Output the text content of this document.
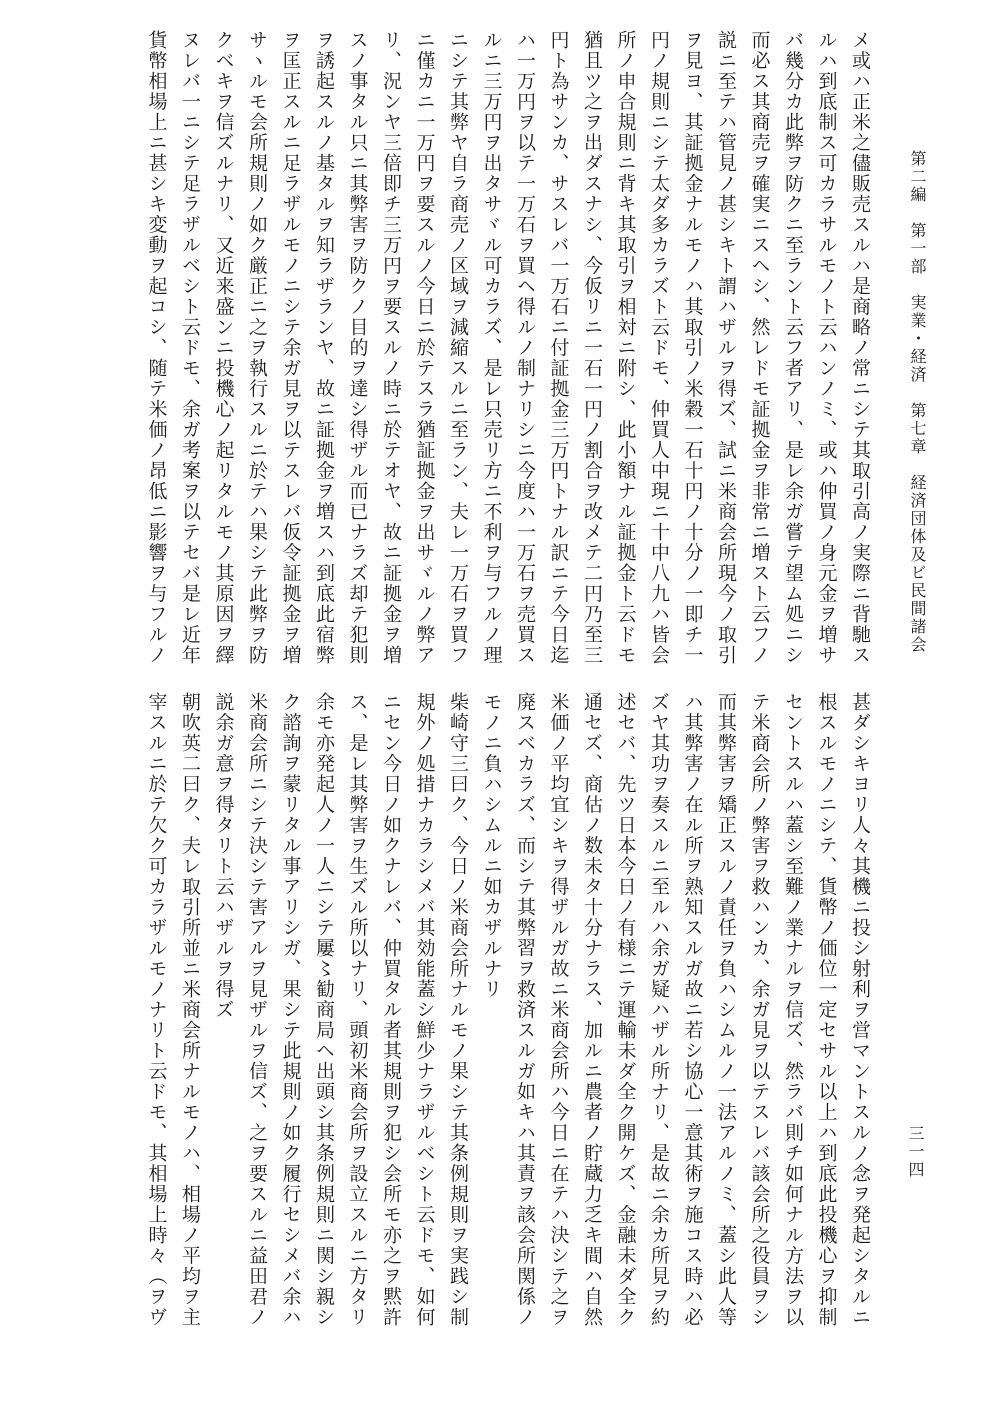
第二編　第一部　実業・経済　第七章　経済団体及ビ民間諸会
三一四
メ或ハ正米之儘販売スルハ是商略ノ常ニシテ其取引高ノ実際ニ背馳ス
ルハ到底制ス可カラサルモノト云ハンノミ、或ハ仲買ノ身元金ヲ増サ
バ幾分カ此弊ヲ防クニ至ラント云フ者アリ、是レ余ガ嘗テ望ム処ニシ
而必ス其商売ヲ確実ニスヘシ、然レドモ証拠金ヲ非常ニ増スト云フノ
説ニ至テハ管見ノ甚シキト謂ハザルヲ得ズ、試ニ米商会所現今ノ取引
ヲ見ヨ、其証拠金ナルモノハ其取引ノ米穀一石十円ノ十分ノ一即チ一
円ノ規則ニシテ太ダ多カラズト云ドモ、仲買人中現ニ十中八九ハ皆会
所ノ申合規則ニ背キ其取引ヲ相対ニ附シ、此小額ナル証拠金ト云ドモ
猶且ツ之ヲ出ダスナシ、今仮リニ一石一円ノ割合ヲ改メテ二円乃至三
円ト為サンカ、サスレバ一万石ニ付証拠金三万円トナル訳ニテ今日迄
ハ一万円ヲ以テ一万石ヲ買ヘ得ルノ制ナリシニ今度ハ一万石ヲ売買ス
ルニ三万円ヲ出タサヾル可カラズ、是レ只売リ方ニ不利ヲ与フルノ理
ニシテ其弊ヤ自ラ商売ノ区域ヲ減縮スルニ至ラン、夫レ一万石ヲ買フ
ニ僅カニ一万円ヲ要スルノ今日ニ於テスラ猶証拠金ヲ出サヾルノ弊ア
リ、況ンヤ三倍即チ三万円ヲ要スルノ時ニ於テオヤ、故ニ証拠金ヲ増
スノ事タル只ニ其弊害ヲ防クノ目的ヲ達シ得ザル而已ナラズ却テ犯則
ヲ誘起スルノ基タルヲ知ラザランヤ、故ニ証拠金ヲ増スハ到底此宿弊
ヲ匡正スルニ足ラザルモノニシテ余ガ見ヲ以テスレバ仮令証拠金ヲ増
サヽルモ会所規則ノ如ク厳正ニ之ヲ執行スルニ於テハ果シテ此弊ヲ防
クベキヲ信ズルナリ、又近来盛ンニ投機心ノ起リタルモノ其原因ヲ繹
ヌレバ一ニシテ足ラザルベシト云ドモ、余ガ考案ヲ以テセバ是レ近年
貨幣相場上ニ甚シキ変動ヲ起コシ、随テ米価ノ昂低ニ影響ヲ与フルノ
甚ダシキヨリ人々其機ニ投シ射利ヲ営マントスルノ念ヲ発起シタルニ
根スルモノニシテ、貨幣ノ価位一定セサル以上ハ到底此投機心ヲ抑制
セントスルハ蓋シ至難ノ業ナルヲ信ズ、然ラバ則チ如何ナル方法ヲ以
テ米商会所ノ弊害ヲ救ハンカ、余ガ見ヲ以テスレバ該会所之役員ヲシ
而其弊害ヲ矯正スルノ責任ヲ負ハシムルノ一法アルノミ、蓋シ此人等
ハ其弊害ノ在ル所ヲ熟知スルガ故ニ若シ協心一意其術ヲ施コス時ハ必
ズヤ其功ヲ奏スルニ至ルハ余ガ疑ハザル所ナリ、是故ニ余カ所見ヲ約
述セバ、先ツ日本今日ノ有様ニテ運輸未ダ全ク開ケズ、金融未ダ全ク
通セズ、商估ノ数未タ十分ナラス、加ルニ農者ノ貯蔵力乏キ間ハ自然
米価ノ平均宜シキヲ得ザルガ故ニ米商会所ハ今日ニ在テハ決シテ之ヲ
廃スベカラズ、而シテ其弊習ヲ救済スルガ如キハ其責ヲ該会所関係ノ
モノニ負ハシムルニ如カザルナリ
柴崎守三曰ク、今日ノ米商会所ナルモノ果シテ其条例規則ヲ実践シ制
規外ノ処措ナカラシメバ其効能蓋シ鮮少ナラザルベシト云ドモ、如何
ニセン今日ノ如クナレバ、仲買タル者其規則ヲ犯シ会所モ亦之ヲ黙許
ス、是レ其弊害ヲ生ズル所以ナリ、頭初米商会所ヲ設立スルニ方タリ
余モ亦発起人ノ一人ニシテ屢〻勧商局ヘ出頭シ其条例規則ニ関シ親シ
ク諮詢ヲ蒙リタル事アリシガ、果シテ此規則ノ如ク履行セシメバ余ハ
米商会所ニシテ決シテ害アルヲ見ザルヲ信ズ、之ヲ要スルニ益田君ノ
説余ガ意ヲ得タリト云ハザルヲ得ズ
朝吹英二曰ク、夫レ取引所並ニ米商会所ナルモノハ、相場ノ平均ヲ主
宰スルニ於テ欠ク可カラザルモノナリト云ドモ、其相場上時々（ヲヴ
